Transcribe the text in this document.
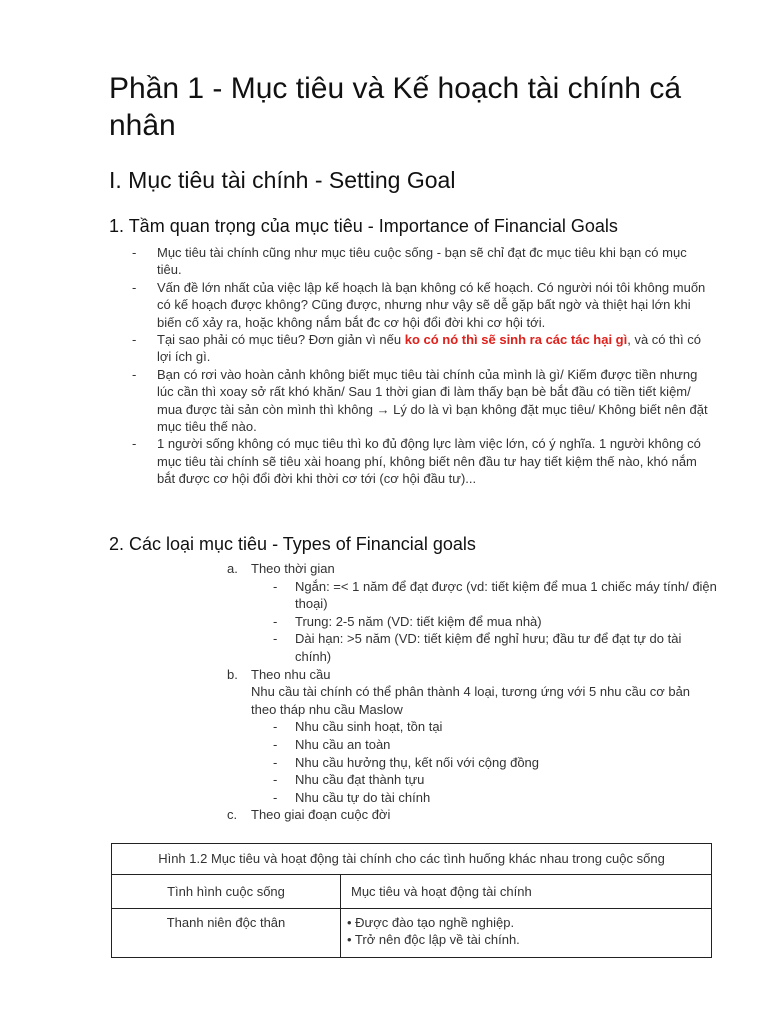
Phần 1 - Mục tiêu và Kế hoạch tài chính cá nhân
I. Mục tiêu tài chính - Setting Goal
1. Tầm quan trọng của mục tiêu - Importance of Financial Goals
- Mục tiêu tài chính cũng như mục tiêu cuộc sống - bạn sẽ chỉ đạt đc mục tiêu khi bạn có mục tiêu.
- Vấn đề lớn nhất của việc lập kế hoạch là bạn không có kế hoạch. Có người nói tôi không muốn có kế hoạch được không? Cũng được, nhưng như vậy sẽ dễ gặp bất ngờ và thiệt hại lớn khi biến cố xảy ra, hoặc không nắm bắt đc cơ hội đổi đời khi cơ hội tới.
- Tại sao phải có mục tiêu? Đơn giản vì nếu ko có nó thì sẽ sinh ra các tác hại gì, và có thì có lợi ích gì.
- Bạn có rơi vào hoàn cảnh không biết mục tiêu tài chính của mình là gì/ Kiếm được tiền nhưng lúc cần thì xoay sở rất khó khăn/ Sau 1 thời gian đi làm thấy bạn bè bắt đầu có tiền tiết kiệm/ mua được tài sản còn mình thì không → Lý do là vì bạn không đặt mục tiêu/ Không biết nên đặt mục tiêu thế nào.
- 1 người sống không có mục tiêu thì ko đủ động lực làm việc lớn, có ý nghĩa. 1 người không có mục tiêu tài chính sẽ tiêu xài hoang phí, không biết nên đầu tư hay tiết kiệm thế nào, khó nắm bắt được cơ hội đổi đời khi thời cơ tới (cơ hội đầu tư)...
2. Các loại mục tiêu - Types of Financial goals
a. Theo thời gian
- Ngắn: =< 1 năm để đạt được (vd: tiết kiệm để mua 1 chiếc máy tính/ điện thoại)
- Trung: 2-5 năm (VD: tiết kiệm để mua nhà)
- Dài hạn: >5 năm (VD: tiết kiệm để nghỉ hưu; đầu tư để đạt tự do tài chính)
b. Theo nhu cầu
Nhu cầu tài chính có thể phân thành 4 loại, tương ứng với 5 nhu cầu cơ bản theo tháp nhu cầu Maslow
- Nhu cầu sinh hoạt, tồn tại
- Nhu cầu an toàn
- Nhu cầu hưởng thụ, kết nối với cộng đồng
- Nhu cầu đạt thành tựu
- Nhu cầu tự do tài chính
c. Theo giai đoạn cuộc đời
Hình 1.2 Mục tiêu và hoạt động tài chính cho các tình huống khác nhau trong cuộc sống	
Tình hình cuộc sống	Mục tiêu và hoạt động tài chính
Thanh niên độc thân	• Được đào tạo nghề nghiệp.
• Trở nên độc lập về tài chính.
